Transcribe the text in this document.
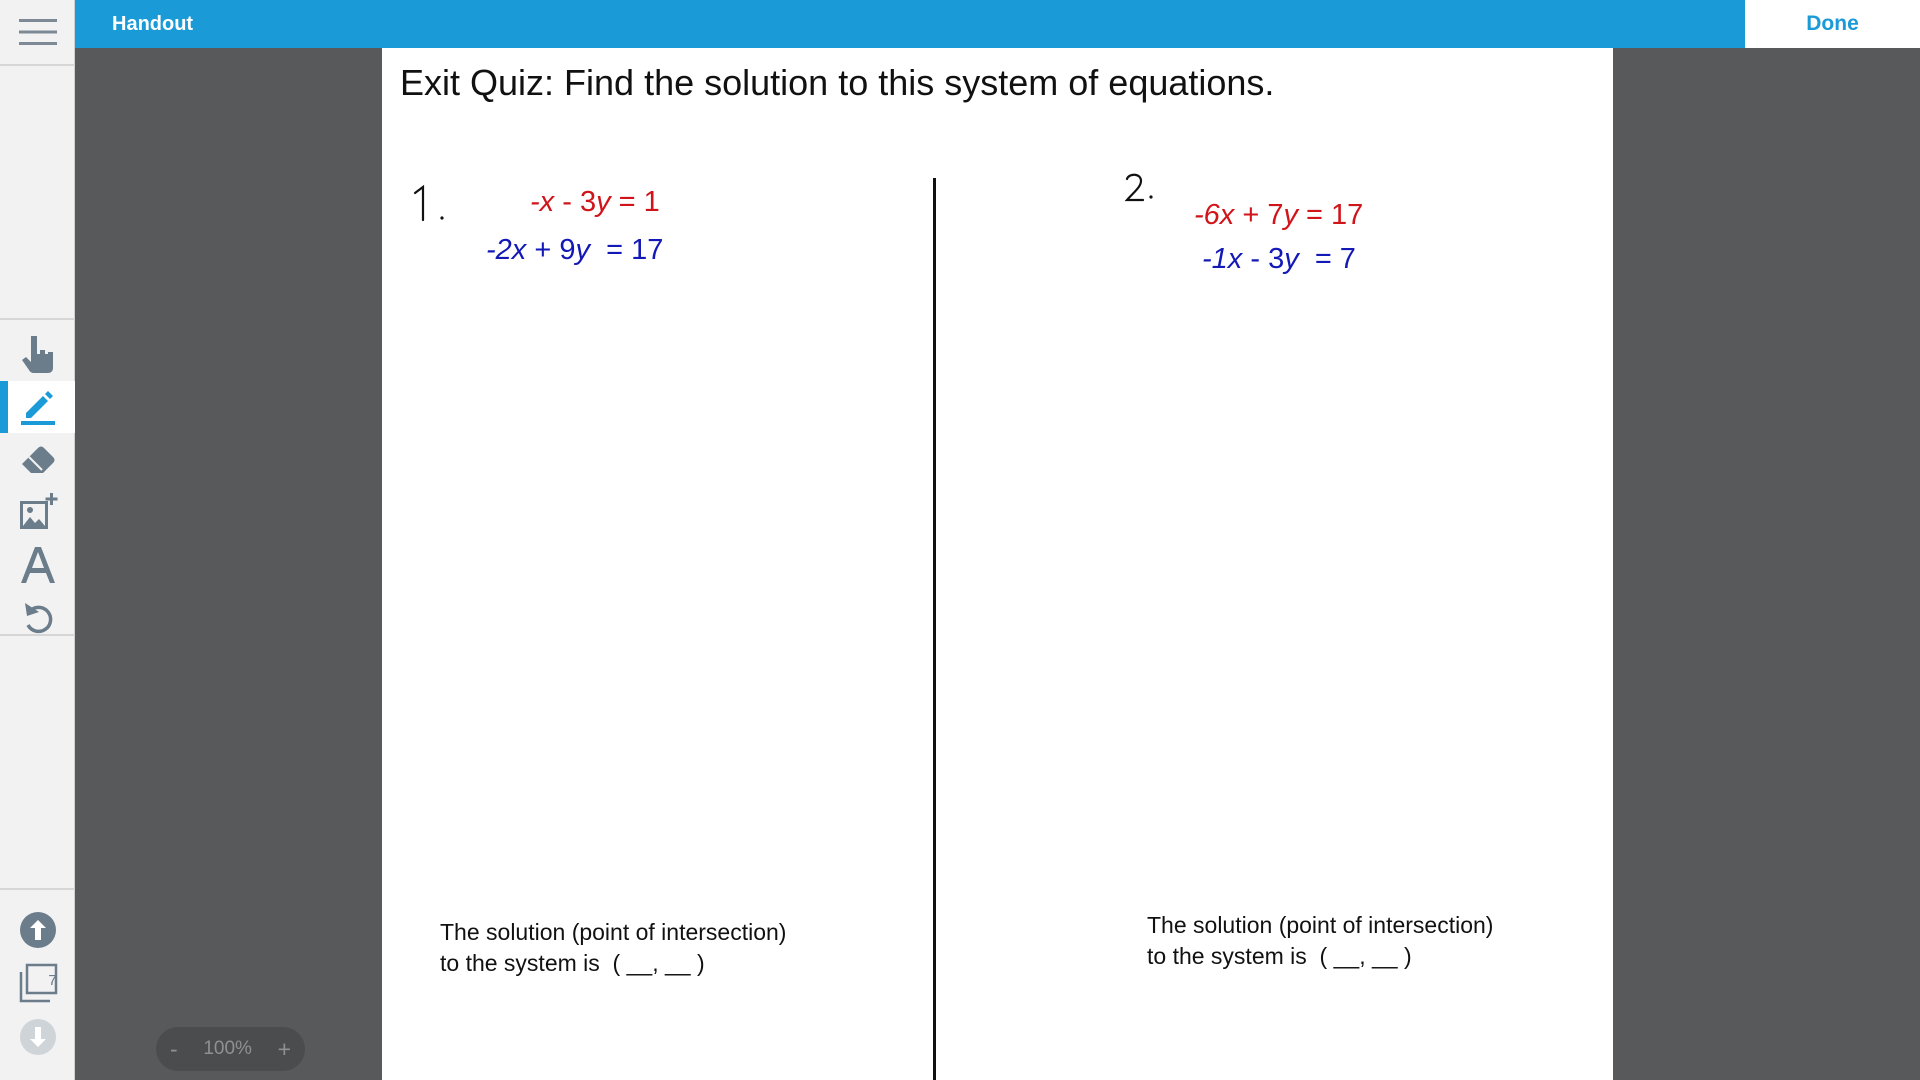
7
Handout	Done
Exit Quiz: Find the solution to this system of equations.
-x - 3y = 1
-2x + 9y  = 17
The solution (point of intersection)
to the system is  ( __, __ )
-6x + 7y = 17
-1x - 3y  = 7
The solution (point of intersection)
to the system is  ( __, __ )
- 100% +
